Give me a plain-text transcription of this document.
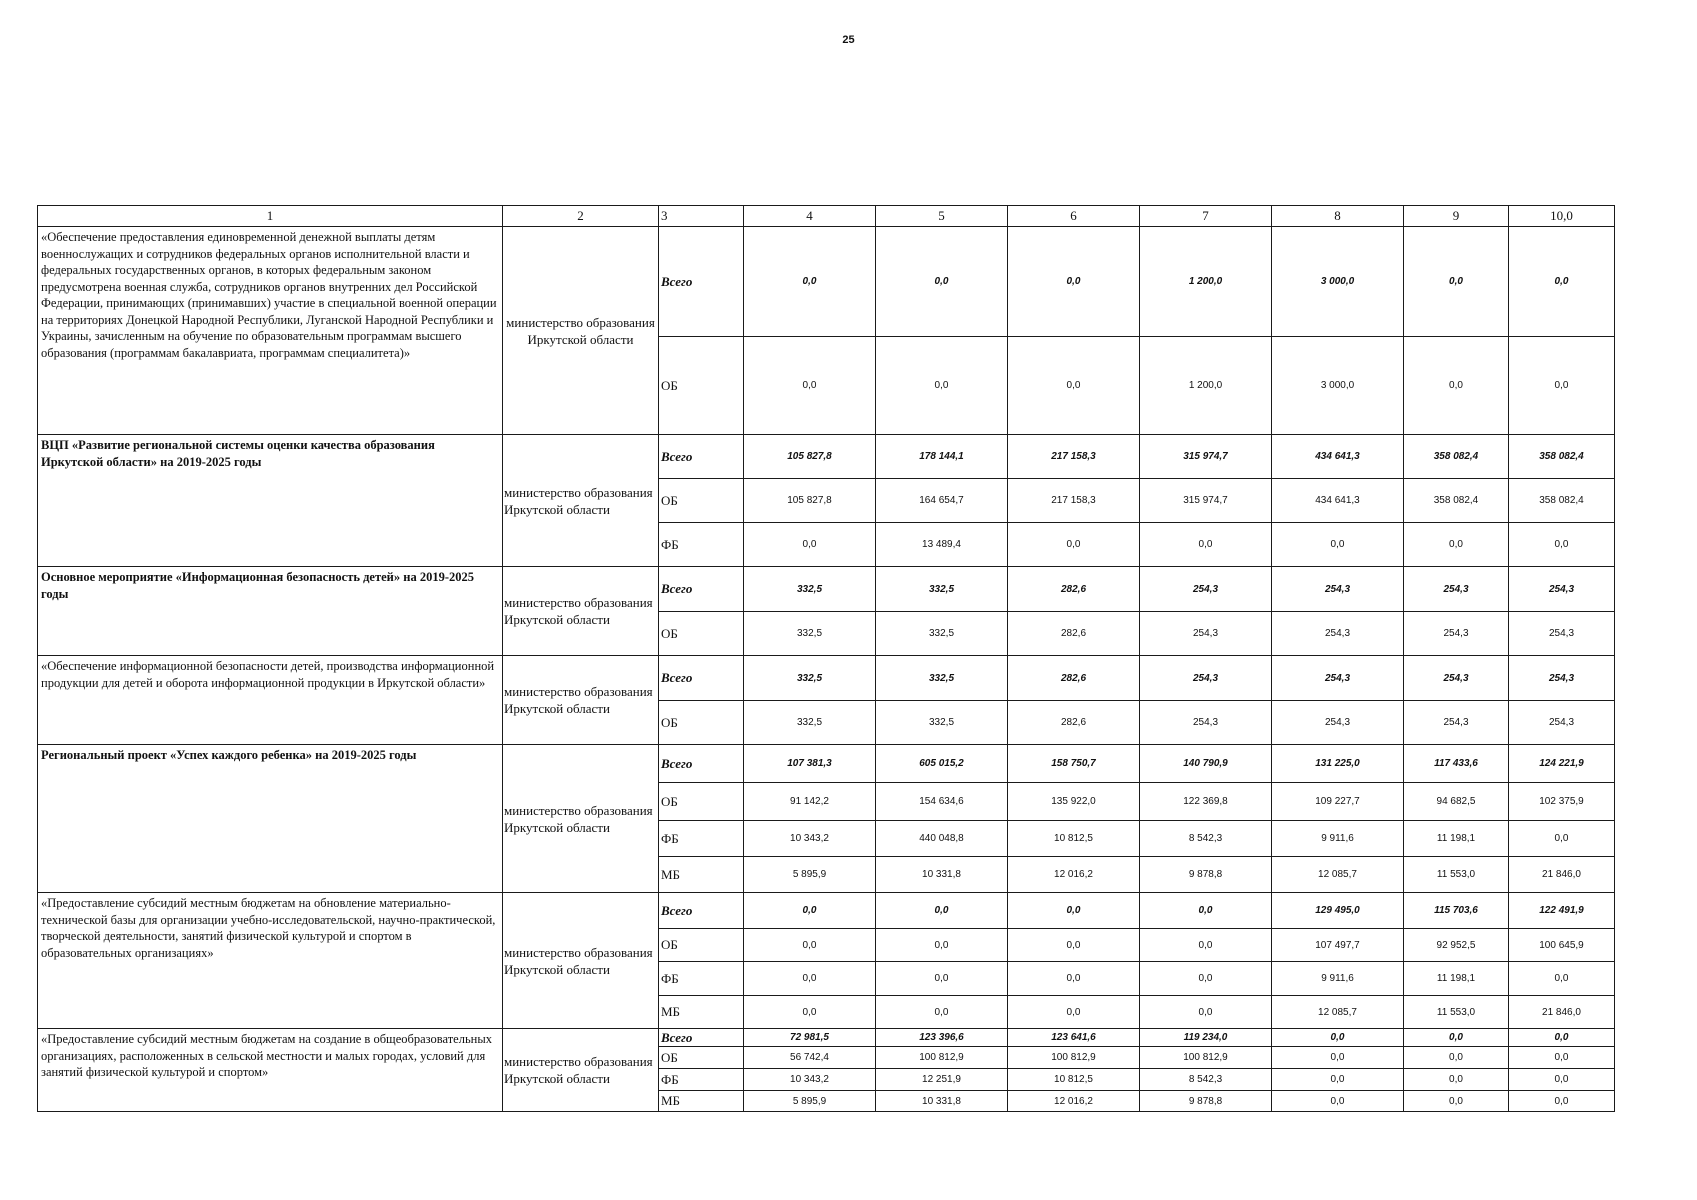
25
1	2	3	4	5	6	7	8	9	10,0
«Обеспечение предоставления единовременной денежной выплаты детям военнослужащих и сотрудников федеральных органов исполнительной власти и федеральных государственных органов, в которых федеральным законом предусмотрена военная служба, сотрудников органов внутренних дел Российской Федерации, принимающих (принимавших) участие в специальной военной операции на территориях Донецкой Народной Республики, Луганской Народной Республики и Украины, зачисленным на обучение по образовательным программам высшего образования (программам бакалавриата, программам специалитета)»	министерство образования Иркутской области	Всего	0,0	0,0	0,0	1 200,0	3 000,0	0,0	0,0
		ОБ	0,0	0,0	0,0	1 200,0	3 000,0	0,0	0,0
ВЦП «Развитие региональной системы оценки качества образования Иркутской области» на 2019-2025 годы	министерство образования Иркутской области	Всего	105 827,8	178 144,1	217 158,3	315 974,7	434 641,3	358 082,4	358 082,4
		ОБ	105 827,8	164 654,7	217 158,3	315 974,7	434 641,3	358 082,4	358 082,4
		ФБ	0,0	13 489,4	0,0	0,0	0,0	0,0	0,0
Основное мероприятие «Информационная безопасность детей» на 2019-2025 годы	министерство образования Иркутской области	Всего	332,5	332,5	282,6	254,3	254,3	254,3	254,3
		ОБ	332,5	332,5	282,6	254,3	254,3	254,3	254,3
«Обеспечение информационной безопасности детей, производства информационной продукции для детей и оборота информационной продукции в Иркутской области»	министерство образования Иркутской области	Всего	332,5	332,5	282,6	254,3	254,3	254,3	254,3
		ОБ	332,5	332,5	282,6	254,3	254,3	254,3	254,3
Региональный проект «Успех каждого ребенка» на 2019-2025 годы	министерство образования Иркутской области	Всего	107 381,3	605 015,2	158 750,7	140 790,9	131 225,0	117 433,6	124 221,9
		ОБ	91 142,2	154 634,6	135 922,0	122 369,8	109 227,7	94 682,5	102 375,9
		ФБ	10 343,2	440 048,8	10 812,5	8 542,3	9 911,6	11 198,1	0,0
		МБ	5 895,9	10 331,8	12 016,2	9 878,8	12 085,7	11 553,0	21 846,0
«Предоставление субсидий местным бюджетам на обновление материально-технической базы для организации учебно-исследовательской, научно-практической, творческой деятельности, занятий физической культурой и спортом в образовательных организациях»	министерство образования Иркутской области	Всего	0,0	0,0	0,0	0,0	129 495,0	115 703,6	122 491,9
		ОБ	0,0	0,0	0,0	0,0	107 497,7	92 952,5	100 645,9
		ФБ	0,0	0,0	0,0	0,0	9 911,6	11 198,1	0,0
		МБ	0,0	0,0	0,0	0,0	12 085,7	11 553,0	21 846,0
«Предоставление субсидий местным бюджетам на создание в общеобразовательных организациях, расположенных в сельской местности и малых городах, условий для занятий физической культурой и спортом»	министерство образования Иркутской области	Всего	72 981,5	123 396,6	123 641,6	119 234,0	0,0	0,0	0,0
		ОБ	56 742,4	100 812,9	100 812,9	100 812,9	0,0	0,0	0,0
		ФБ	10 343,2	12 251,9	10 812,5	8 542,3	0,0	0,0	0,0
		МБ	5 895,9	10 331,8	12 016,2	9 878,8	0,0	0,0	0,0
